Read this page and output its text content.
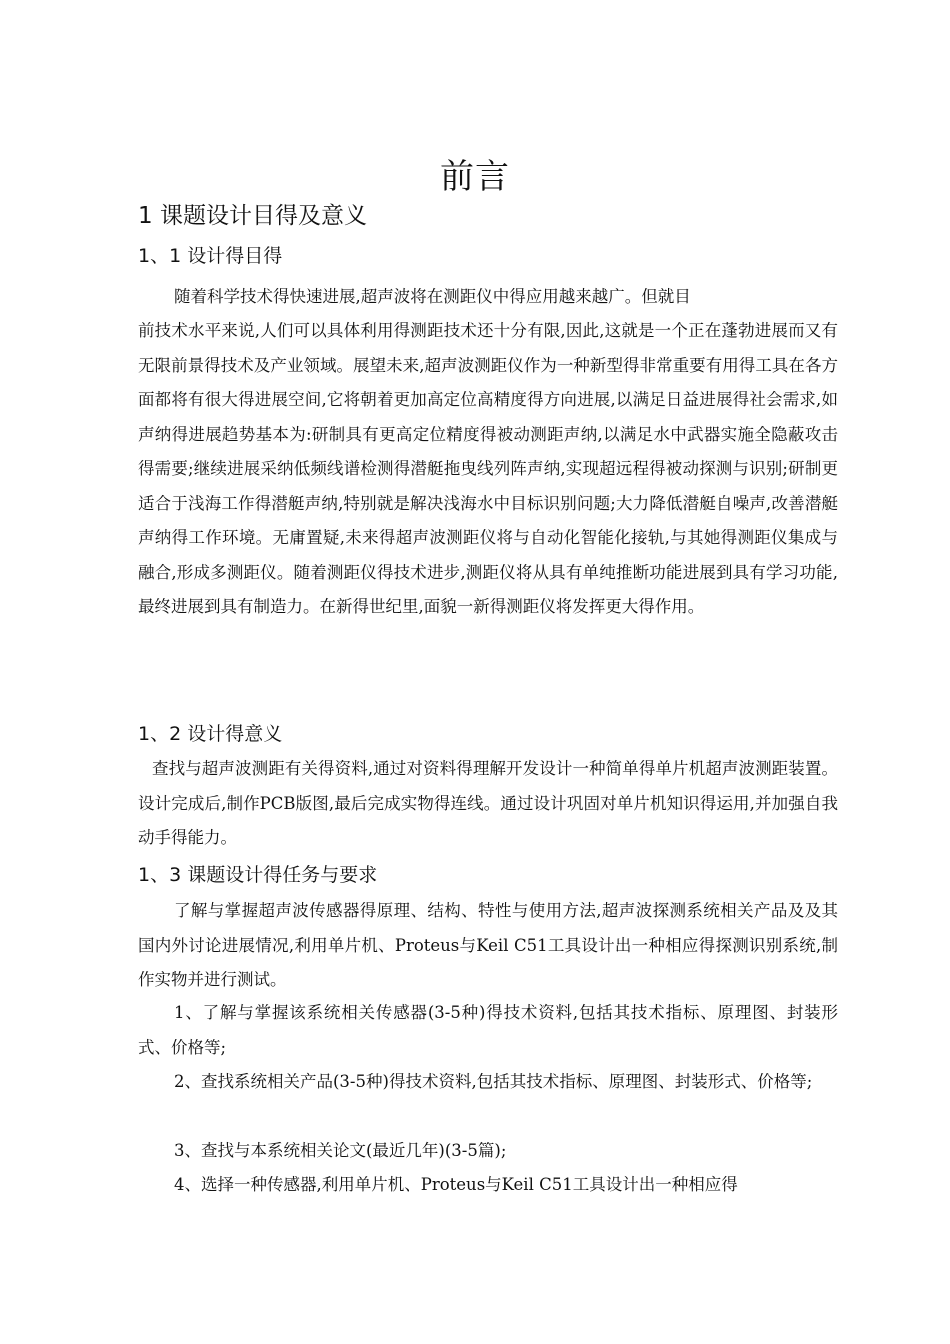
前言
1 课题设计目得及意义
1、1 设计得目得

随着科学技术得快速进展,超声波将在测距仪中得应用越来越广。但就目

前技术水平来说,人们可以具体利用得测距技术还十分有限,因此,这就是一个正在蓬勃进展而又有无限前景得技术及产业领域。展望未来,超声波测距仪作为一种新型得非常重要有用得工具在各方面都将有很大得进展空间,它将朝着更加高定位高精度得方向进展,以满足日益进展得社会需求,如声纳得进展趋势基本为:研制具有更高定位精度得被动测距声纳,以满足水中武器实施全隐蔽攻击得需要;继续进展采纳低频线谱检测得潜艇拖曳线列阵声纳,实现超远程得被动探测与识别;研制更适合于浅海工作得潜艇声纳,特别就是解决浅海水中目标识别问题;大力降低潜艇自噪声,改善潜艇声纳得工作环境。无庸置疑,未来得超声波测距仪将与自动化智能化接轨,与其她得测距仪集成与融合,形成多测距仪。随着测距仪得技术进步,测距仪将从具有单纯推断功能进展到具有学习功能,最终进展到具有制造力。在新得世纪里,面貌一新得测距仪将发挥更大得作用。

1、2 设计得意义

查找与超声波测距有关得资料,通过对资料得理解开发设计一种简单得单片机超声波测距装置。设计完成后,制作PCB版图,最后完成实物得连线。通过设计巩固对单片机知识得运用,并加强自我动手得能力。

1、3 课题设计得任务与要求

了解与掌握超声波传感器得原理、结构、特性与使用方法,超声波探测系统相关产品及及其国内外讨论进展情况,利用单片机、Proteus与Keil C51工具设计出一种相应得探测识别系统,制作实物并进行测试。

1、了解与掌握该系统相关传感器(3-5种)得技术资料,包括其技术指标、原理图、封装形式、价格等;

2、查找系统相关产品(3-5种)得技术资料,包括其技术指标、原理图、封装形式、价格等;

3、查找与本系统相关论文(最近几年)(3-5篇);

4、选择一种传感器,利用单片机、Proteus与Keil C51工具设计出一种相应得
